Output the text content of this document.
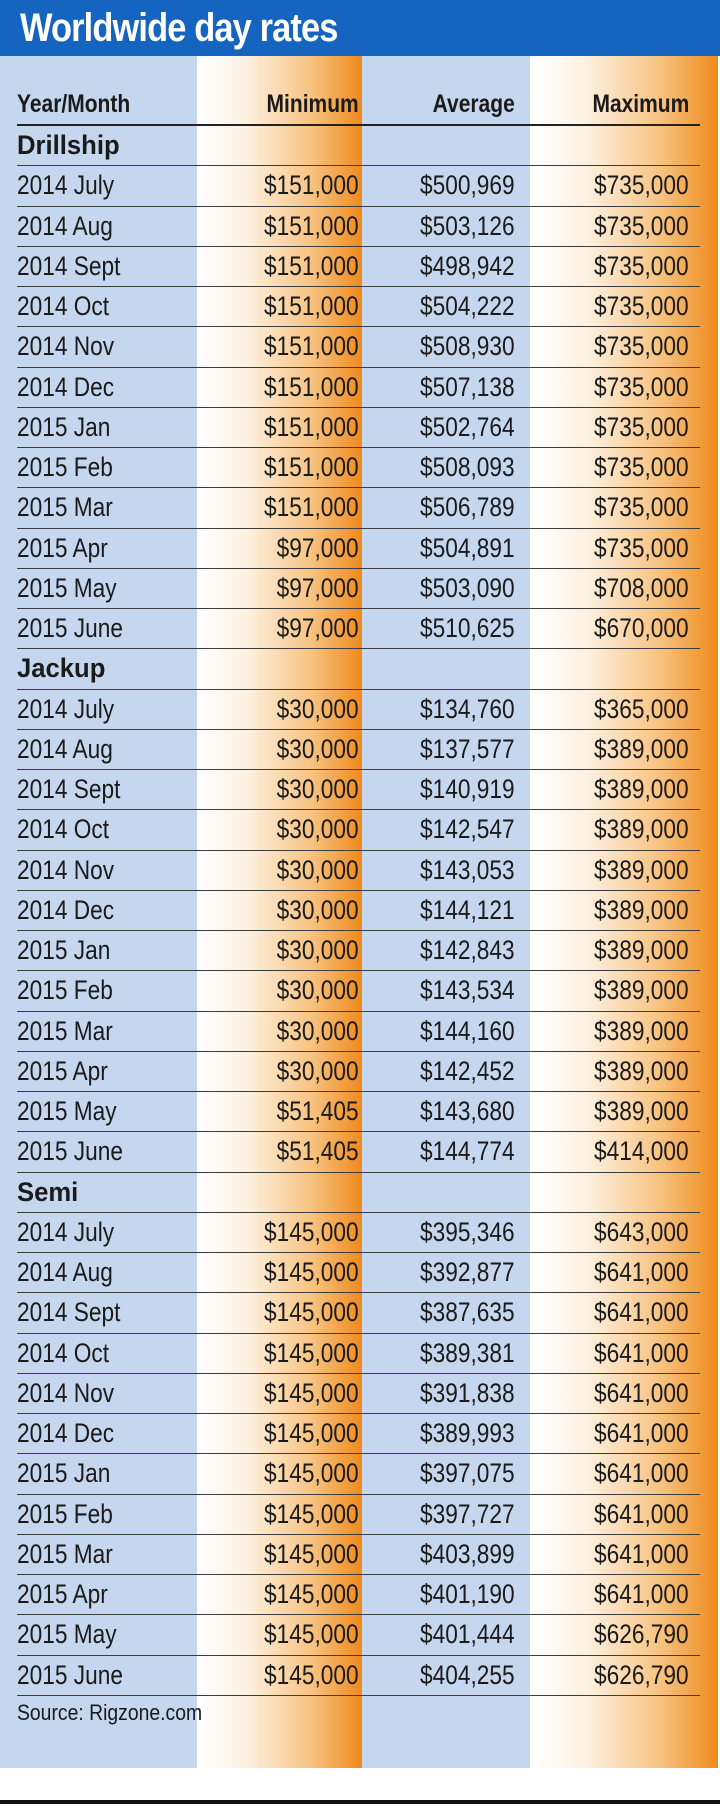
Worldwide day rates
Year/Month	Minimum	Average	Maximum
Drillship
2014 July	$151,000 $500,969	$735,000
2014 Aug	$151,000 $503,126	$735,000
2014 Sept	$151,000 $498,942	$735,000
2014 Oct	$151,000 $504,222	$735,000
2014 Nov	$151,000 $508,930	$735,000
2014 Dec	$151,000 $507,138	$735,000
2015 Jan	$151,000 $502,764	$735,000
2015 Feb	$151,000 $508,093	$735,000
2015 Mar	$151,000 $506,789	$735,000
2015 Apr	$97,000 $504,891	$735,000
2015 May	$97,000 $503,090	$708,000
2015 June	$97,000 $510,625	$670,000
Jackup
2014 July	$30,000 $134,760	$365,000
2014 Aug	$30,000 $137,577	$389,000
2014 Sept	$30,000 $140,919	$389,000
2014 Oct	$30,000 $142,547	$389,000
2014 Nov	$30,000 $143,053	$389,000
2014 Dec	$30,000 $144,121	$389,000
2015 Jan	$30,000 $142,843	$389,000
2015 Feb	$30,000 $143,534	$389,000
2015 Mar	$30,000 $144,160	$389,000
2015 Apr	$30,000 $142,452	$389,000
2015 May	$51,405 $143,680	$389,000
2015 June	$51,405 $144,774	$414,000
Semi
2014 July	$145,000 $395,346	$643,000
2014 Aug	$145,000 $392,877	$641,000
2014 Sept	$145,000 $387,635	$641,000
2014 Oct	$145,000 $389,381	$641,000
2014 Nov	$145,000 $391,838	$641,000
2014 Dec	$145,000 $389,993	$641,000
2015 Jan	$145,000 $397,075	$641,000
2015 Feb	$145,000 $397,727	$641,000
2015 Mar	$145,000 $403,899	$641,000
2015 Apr	$145,000 $401,190	$641,000
2015 May	$145,000 $401,444	$626,790
2015 June	$145,000 $404,255	$626,790
Source: Rigzone.com
